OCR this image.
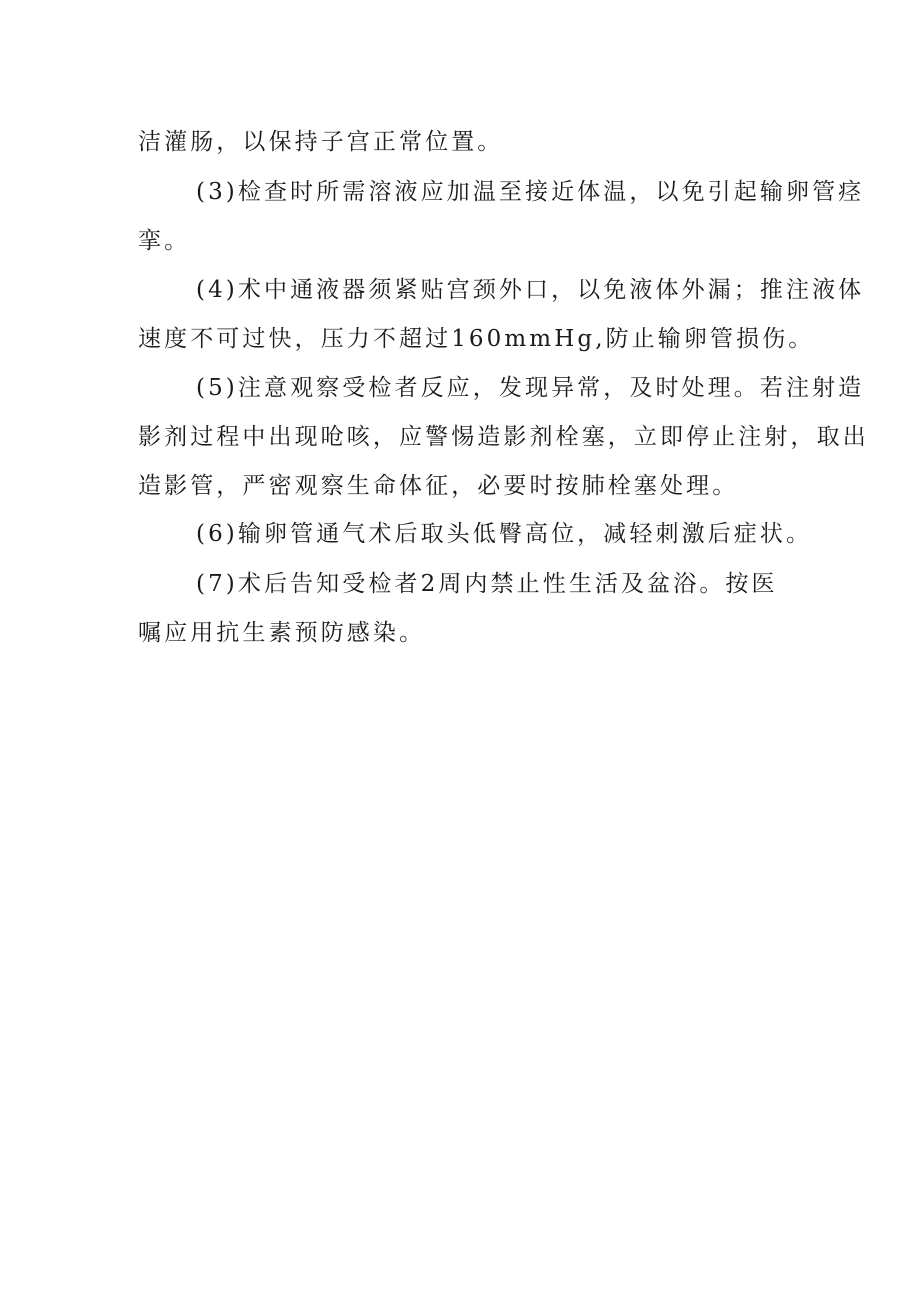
洁灌肠，以保持子宫正常位置。

(3)检查时所需溶液应加温至接近体温，以免引起输卵管痉

挛。

(4)术中通液器须紧贴宫颈外口，以免液体外漏；推注液体

速度不可过快，压力不超过160mmHg,防止输卵管损伤。

(5)注意观察受检者反应，发现异常，及时处理。若注射造

影剂过程中出现呛咳，应警惕造影剂栓塞，立即停止注射，取出

造影管，严密观察生命体征，必要时按肺栓塞处理。

(6)输卵管通气术后取头低臀高位，减轻刺激后症状。

(7)术后告知受检者2周内禁止性生活及盆浴。按医

嘱应用抗生素预防感染。
